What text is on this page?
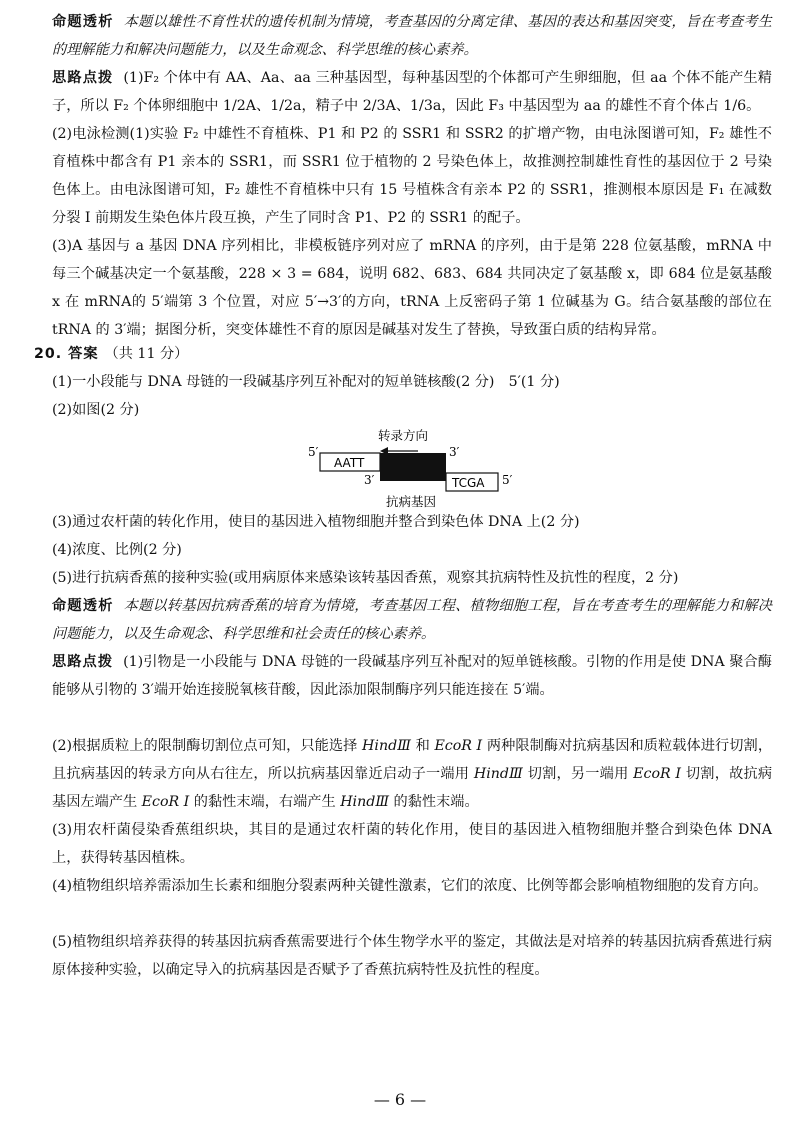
命题透析 本题以雄性不育性状的遗传机制为情境，考查基因的分离定律、基因的表达和基因突变，旨在考查考生的理解能力和解决问题能力，以及生命观念、科学思维的核心素养。
思路点拨 (1)F₂ 个体中有 AA、Aa、aa 三种基因型，每种基因型的个体都可产生卵细胞，但 aa 个体不能产生精子，所以 F₂ 个体卵细胞中 1/2A、1/2a，精子中 2/3A、1/3a，因此 F₃ 中基因型为 aa 的雄性不育个体占 1/6。
(2)电泳检测(1)实验 F₂ 中雄性不育植株、P1 和 P2 的 SSR1 和 SSR2 的扩增产物，由电泳图谱可知，F₂ 雄性不育植株中都含有 P1 亲本的 SSR1，而 SSR1 位于植物的 2 号染色体上，故推测控制雄性育性的基因位于 2 号染色体上。由电泳图谱可知，F₂ 雄性不育植株中只有 15 号植株含有亲本 P2 的 SSR1，推测根本原因是 F₁ 在减数分裂 I 前期发生染色体片段互换，产生了同时含 P1、P2 的 SSR1 的配子。
(3)A 基因与 a 基因 DNA 序列相比，非模板链序列对应了 mRNA 的序列，由于是第 228 位氨基酸，mRNA 中每三个碱基决定一个氨基酸，228 × 3 = 684，说明 682、683、684 共同决定了氨基酸 x，即 684 位是氨基酸 x 在 mRNA的 5′端第 3 个位置，对应 5′→3′的方向，tRNA 上反密码子第 1 位碱基为 G。结合氨基酸的部位在 tRNA 的 3′端；据图分析，突变体雄性不育的原因是碱基对发生了替换，导致蛋白质的结构异常。
20. 答案 （共 11 分）
(1)一小段能与 DNA 母链的一段碱基序列互补配对的短单链核酸(2 分)　5′(1 分)
(2)如图(2 分)
转录方向
5′
AATT
3′
3′	TCGA 5′
抗病基因
(3)通过农杆菌的转化作用，使目的基因进入植物细胞并整合到染色体 DNA 上(2 分)
(4)浓度、比例(2 分)
(5)进行抗病香蕉的接种实验(或用病原体来感染该转基因香蕉，观察其抗病特性及抗性的程度，2 分)
命题透析 本题以转基因抗病香蕉的培育为情境，考查基因工程、植物细胞工程，旨在考查考生的理解能力和解决问题能力，以及生命观念、科学思维和社会责任的核心素养。
思路点拨 (1)引物是一小段能与 DNA 母链的一段碱基序列互补配对的短单链核酸。引物的作用是使 DNA 聚合酶能够从引物的 3′端开始连接脱氧核苷酸，因此添加限制酶序列只能连接在 5′端。
(2)根据质粒上的限制酶切割位点可知，只能选择 HindⅢ 和 EcoR Ⅰ 两种限制酶对抗病基因和质粒载体进行切割，且抗病基因的转录方向从右往左，所以抗病基因靠近启动子一端用 HindⅢ 切割，另一端用 EcoR Ⅰ 切割，故抗病基因左端产生 EcoR Ⅰ 的黏性末端，右端产生 HindⅢ 的黏性末端。
(3)用农杆菌侵染香蕉组织块，其目的是通过农杆菌的转化作用，使目的基因进入植物细胞并整合到染色体 DNA 上，获得转基因植株。
(4)植物组织培养需添加生长素和细胞分裂素两种关键性激素，它们的浓度、比例等都会影响植物细胞的发育方向。
(5)植物组织培养获得的转基因抗病香蕉需要进行个体生物学水平的鉴定，其做法是对培养的转基因抗病香蕉进行病原体接种实验，以确定导入的抗病基因是否赋予了香蕉抗病特性及抗性的程度。
— 6 —
